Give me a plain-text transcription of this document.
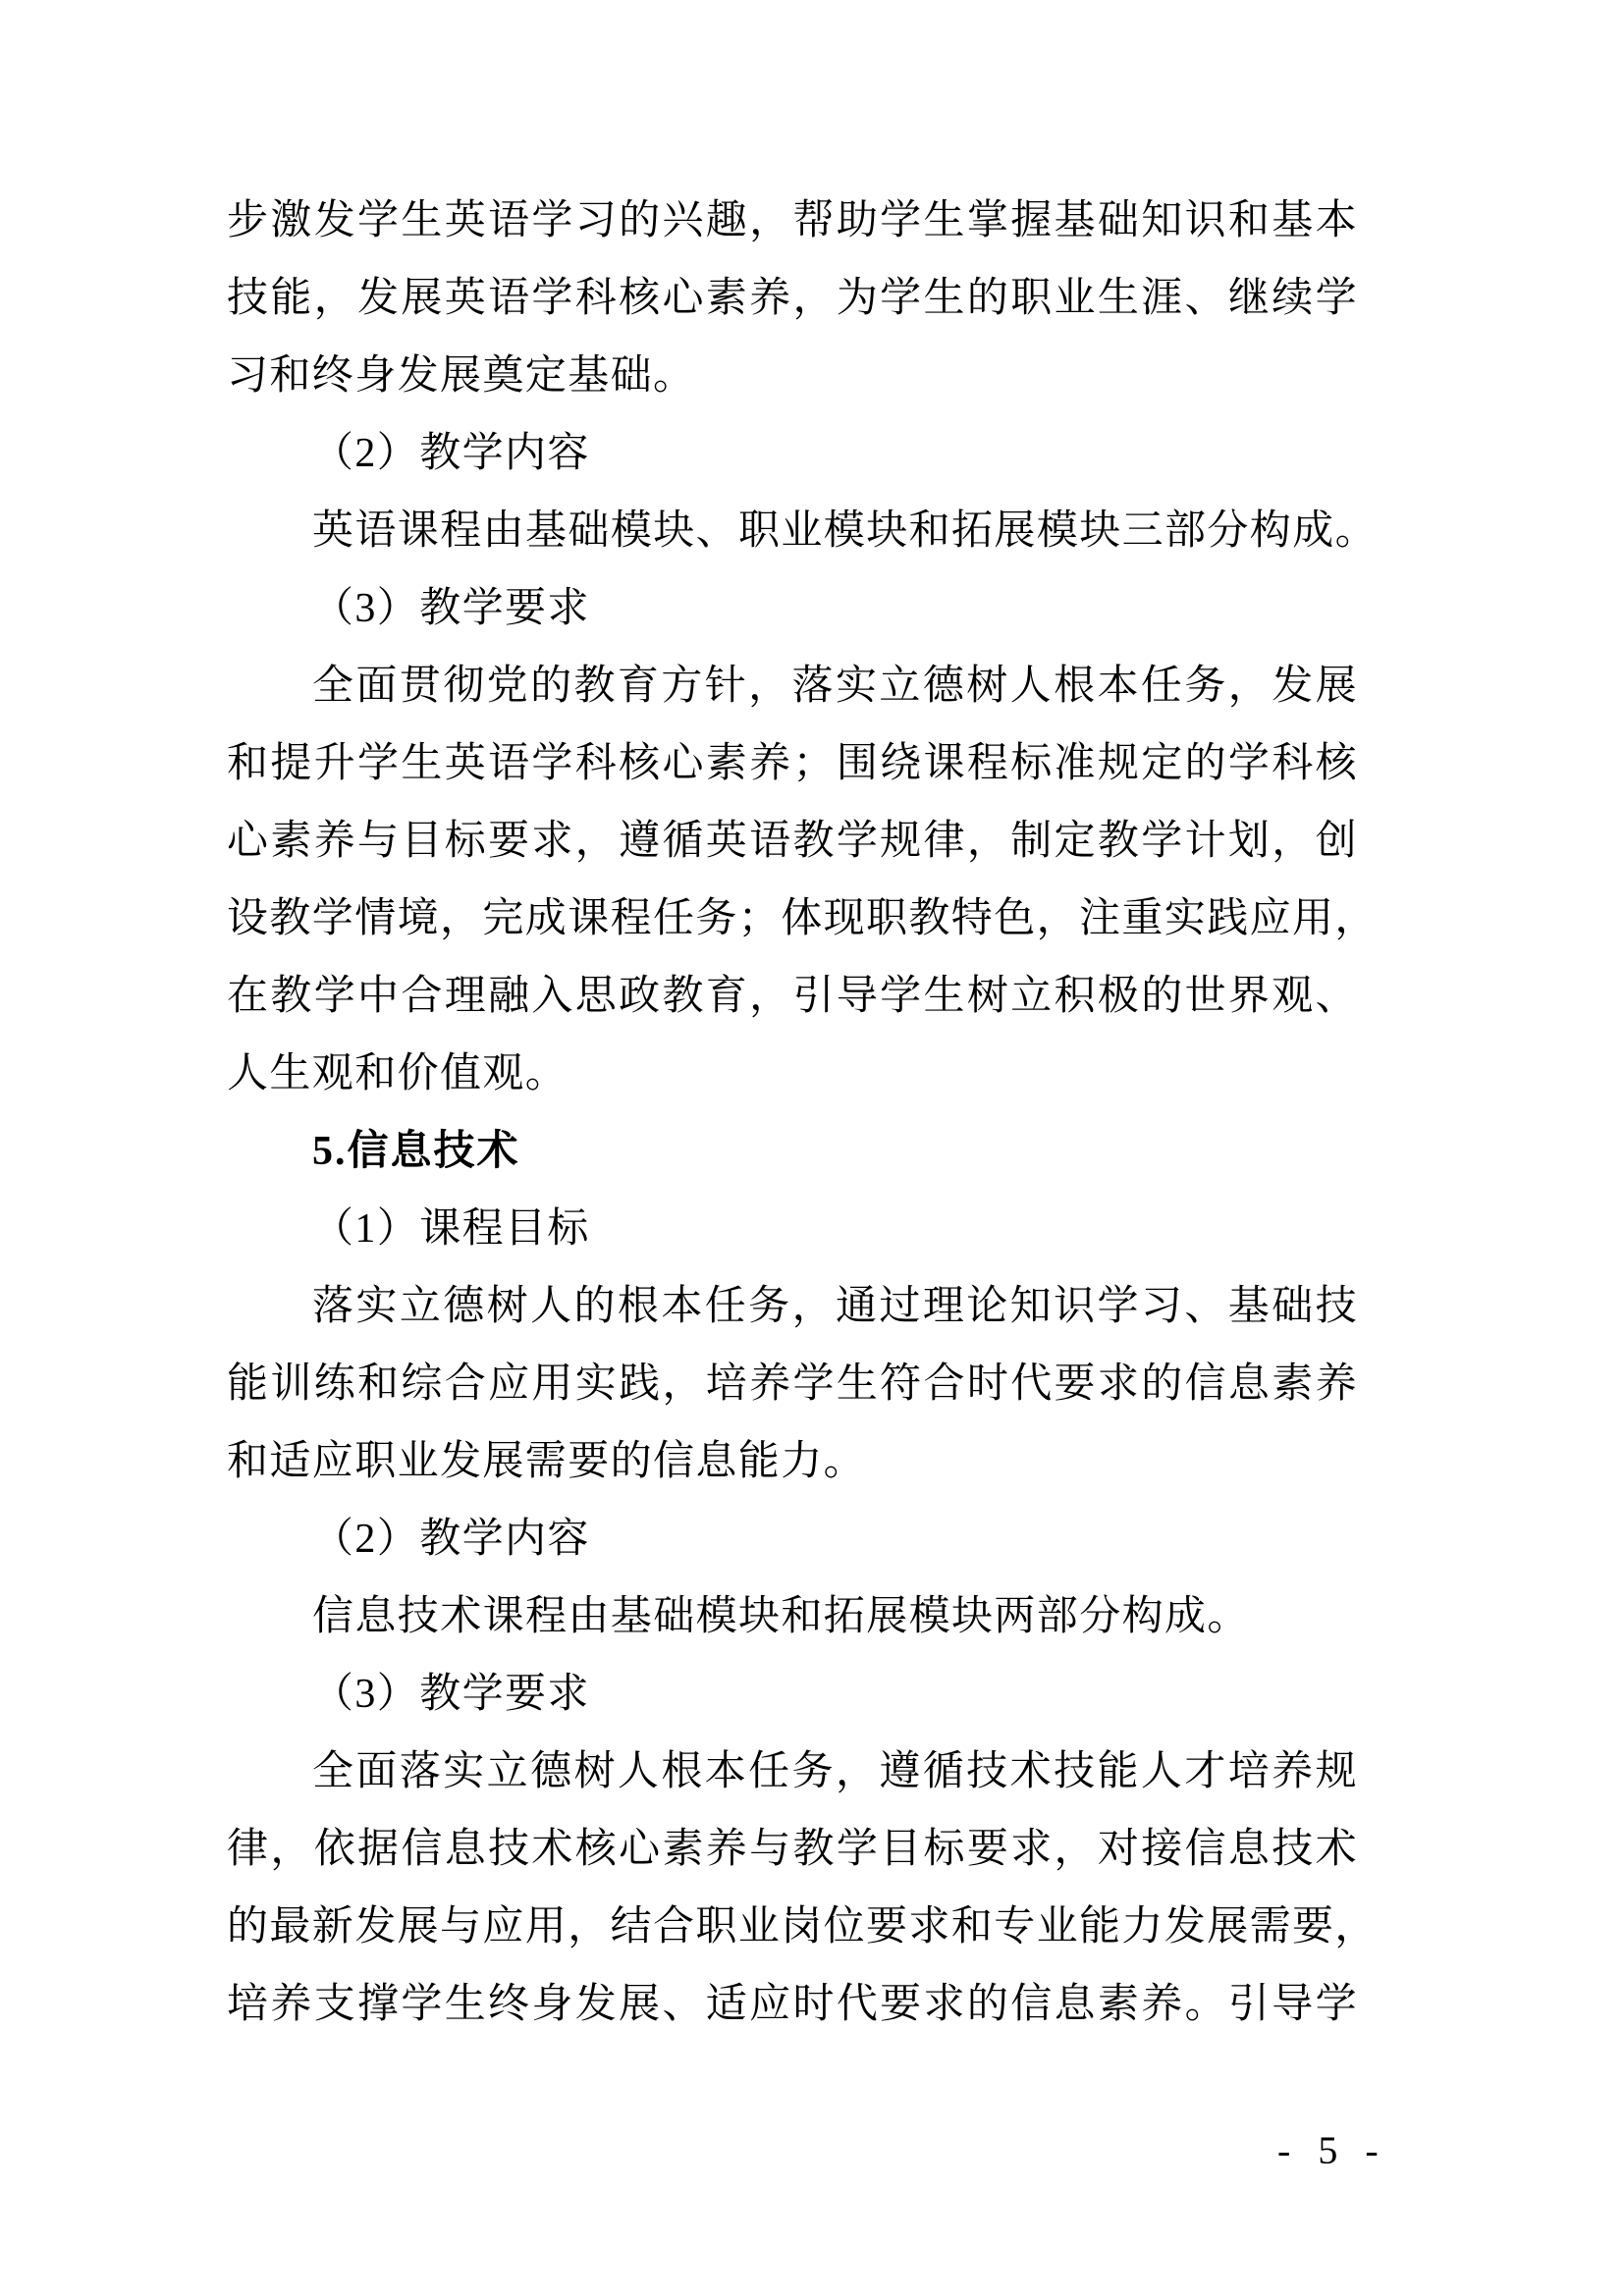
步激发学生英语学习的兴趣，帮助学生掌握基础知识和基本
技能，发展英语学科核心素养，为学生的职业生涯、继续学
习和终身发展奠定基础。
（2）教学内容
英语课程由基础模块、职业模块和拓展模块三部分构成。
（3）教学要求
全面贯彻党的教育方针，落实立德树人根本任务，发展
和提升学生英语学科核心素养；围绕课程标准规定的学科核
心素养与目标要求，遵循英语教学规律，制定教学计划，创
设教学情境，完成课程任务；体现职教特色，注重实践应用，
在教学中合理融入思政教育，引导学生树立积极的世界观、
人生观和价值观。
5.信息技术
（1）课程目标
落实立德树人的根本任务，通过理论知识学习、基础技
能训练和综合应用实践，培养学生符合时代要求的信息素养
和适应职业发展需要的信息能力。
（2）教学内容
信息技术课程由基础模块和拓展模块两部分构成。
（3）教学要求
全面落实立德树人根本任务，遵循技术技能人才培养规
律，依据信息技术核心素养与教学目标要求，对接信息技术
的最新发展与应用，结合职业岗位要求和专业能力发展需要，
培养支撑学生终身发展、适应时代要求的信息素养。引导学
- 5 -
